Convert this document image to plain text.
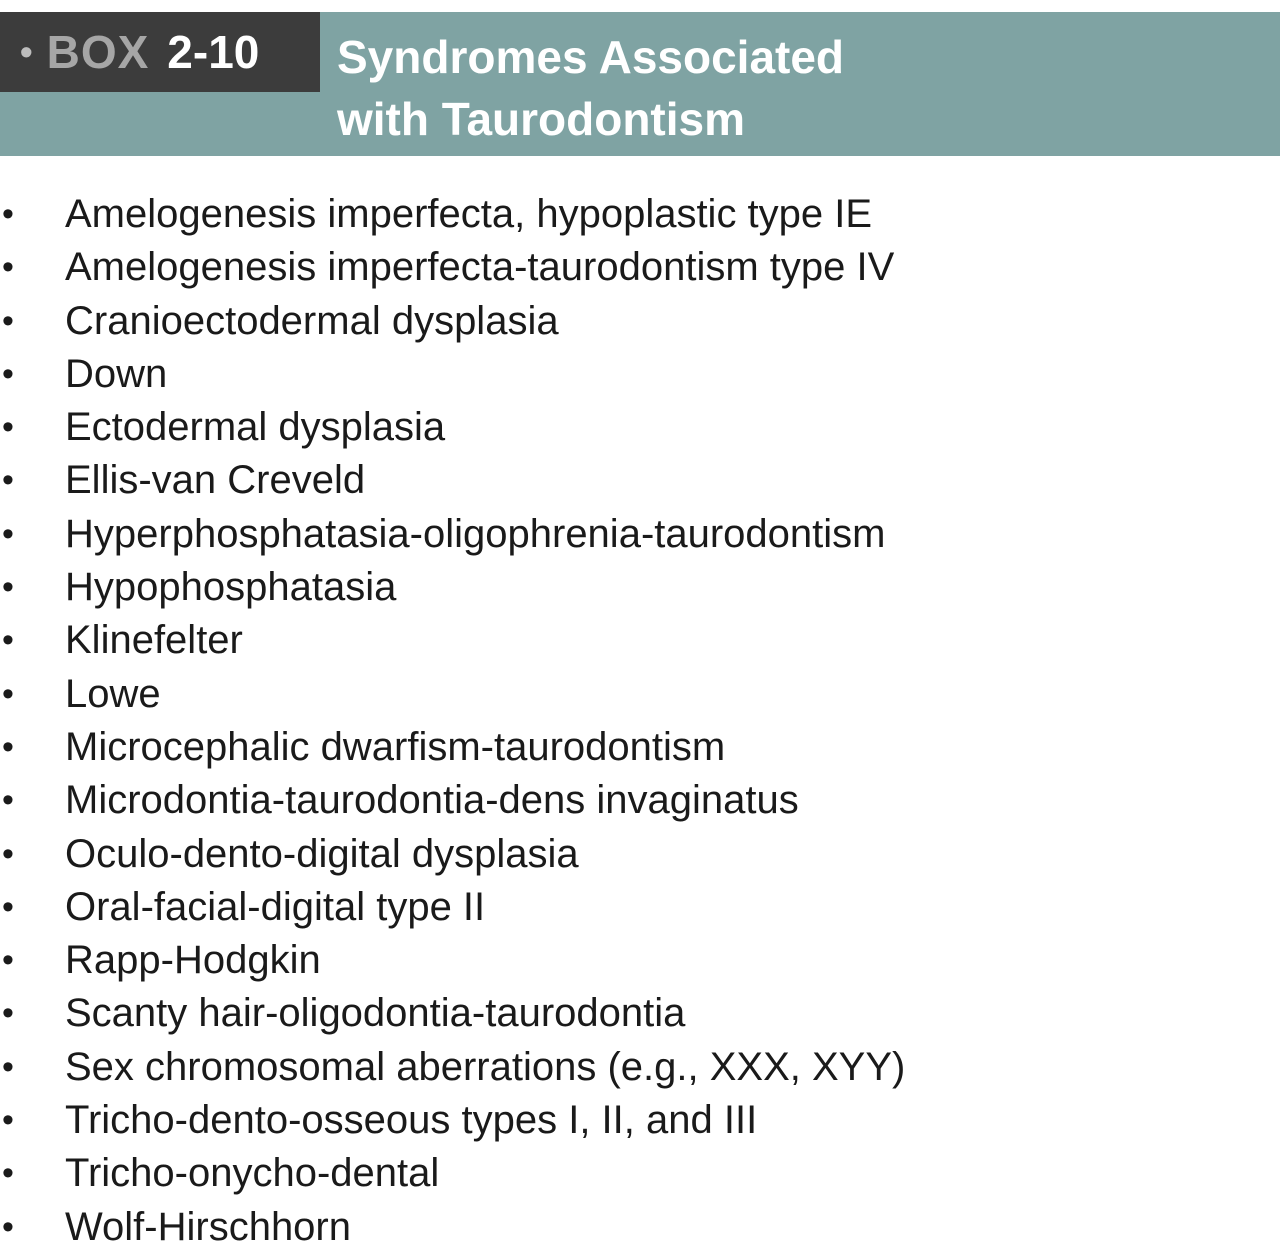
• BOX 2-10 Syndromes Associated
with Taurodontism
• Amelogenesis imperfecta, hypoplastic type IE
• Amelogenesis imperfecta-taurodontism type IV
• Cranioectodermal dysplasia
• Down
• Ectodermal dysplasia
• Ellis-van Creveld
• Hyperphosphatasia-oligophrenia-taurodontism
• Hypophosphatasia
• Klinefelter
• Lowe
• Microcephalic dwarfism-taurodontism
• Microdontia-taurodontia-dens invaginatus
• Oculo-dento-digital dysplasia
• Oral-facial-digital type II
• Rapp-Hodgkin
• Scanty hair-oligodontia-taurodontia
• Sex chromosomal aberrations (e.g., XXX, XYY)
• Tricho-dento-osseous types I, II, and III
• Tricho-onycho-dental
• Wolf-Hirschhorn
